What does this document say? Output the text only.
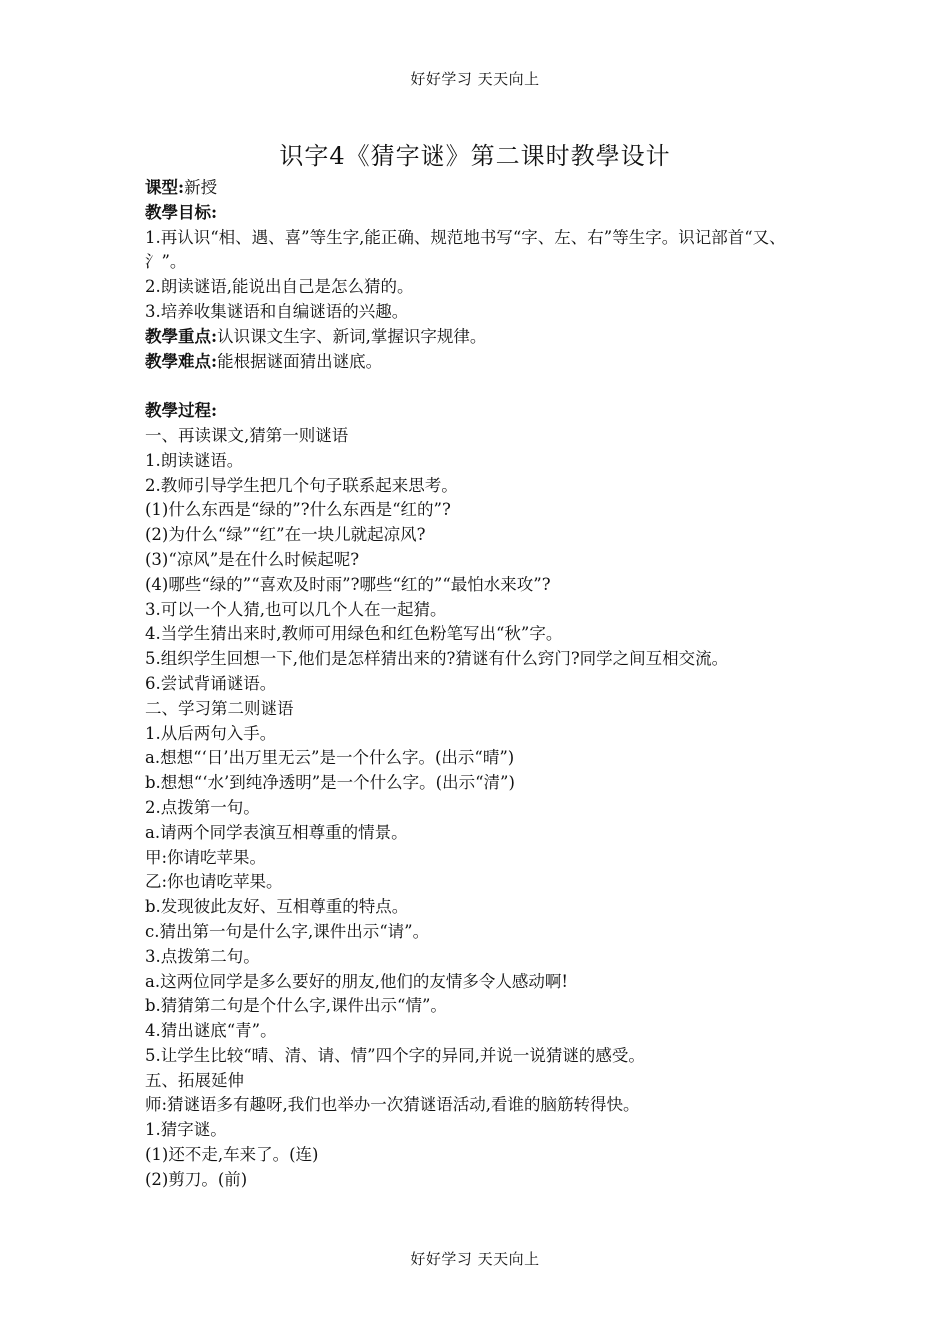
好好学习 天天向上
识字4《猜字谜》第二课时教學设计

课型:新授

教學目标:

1.再认识“相、遇、喜”等生字,能正确、规范地书写“字、左、右”等生字。识记部首“又、氵”。

2.朗读谜语,能说出自己是怎么猜的。

3.培养收集谜语和自编谜语的兴趣。

教學重点:认识课文生字、新词,掌握识字规律。

教學难点:能根据谜面猜出谜底。

教學过程:

一、再读课文,猜第一则谜语

1.朗读谜语。

2.教师引导学生把几个句子联系起来思考。

(1)什么东西是“绿的”?什么东西是“红的”?

(2)为什么“绿”“红”在一块儿就起凉风?

(3)“凉风”是在什么时候起呢?

(4)哪些“绿的”“喜欢及时雨”?哪些“红的”“最怕水来攻”?

3.可以一个人猜,也可以几个人在一起猜。

4.当学生猜出来时,教师可用绿色和红色粉笔写出“秋”字。

5.组织学生回想一下,他们是怎样猜出来的?猜谜有什么窍门?同学之间互相交流。

6.尝试背诵谜语。

二、学习第二则谜语

1.从后两句入手。

a.想想“‘日’出万里无云”是一个什么字。(出示“晴”)

b.想想“‘水’到纯净透明”是一个什么字。(出示“清”)

2.点拨第一句。

a.请两个同学表演互相尊重的情景。

甲:你请吃苹果。

乙:你也请吃苹果。

b.发现彼此友好、互相尊重的特点。

c.猜出第一句是什么字,课件出示“请”。

3.点拨第二句。

a.这两位同学是多么要好的朋友,他们的友情多令人感动啊!

b.猜猜第二句是个什么字,课件出示“情”。

4.猜出谜底“青”。

5.让学生比较“晴、清、请、情”四个字的异同,并说一说猜谜的感受。

五、拓展延伸

师:猜谜语多有趣呀,我们也举办一次猜谜语活动,看谁的脑筋转得快。

1.猜字谜。

(1)还不走,车来了。(连)

(2)剪刀。(前)

好好学习 天天向上
